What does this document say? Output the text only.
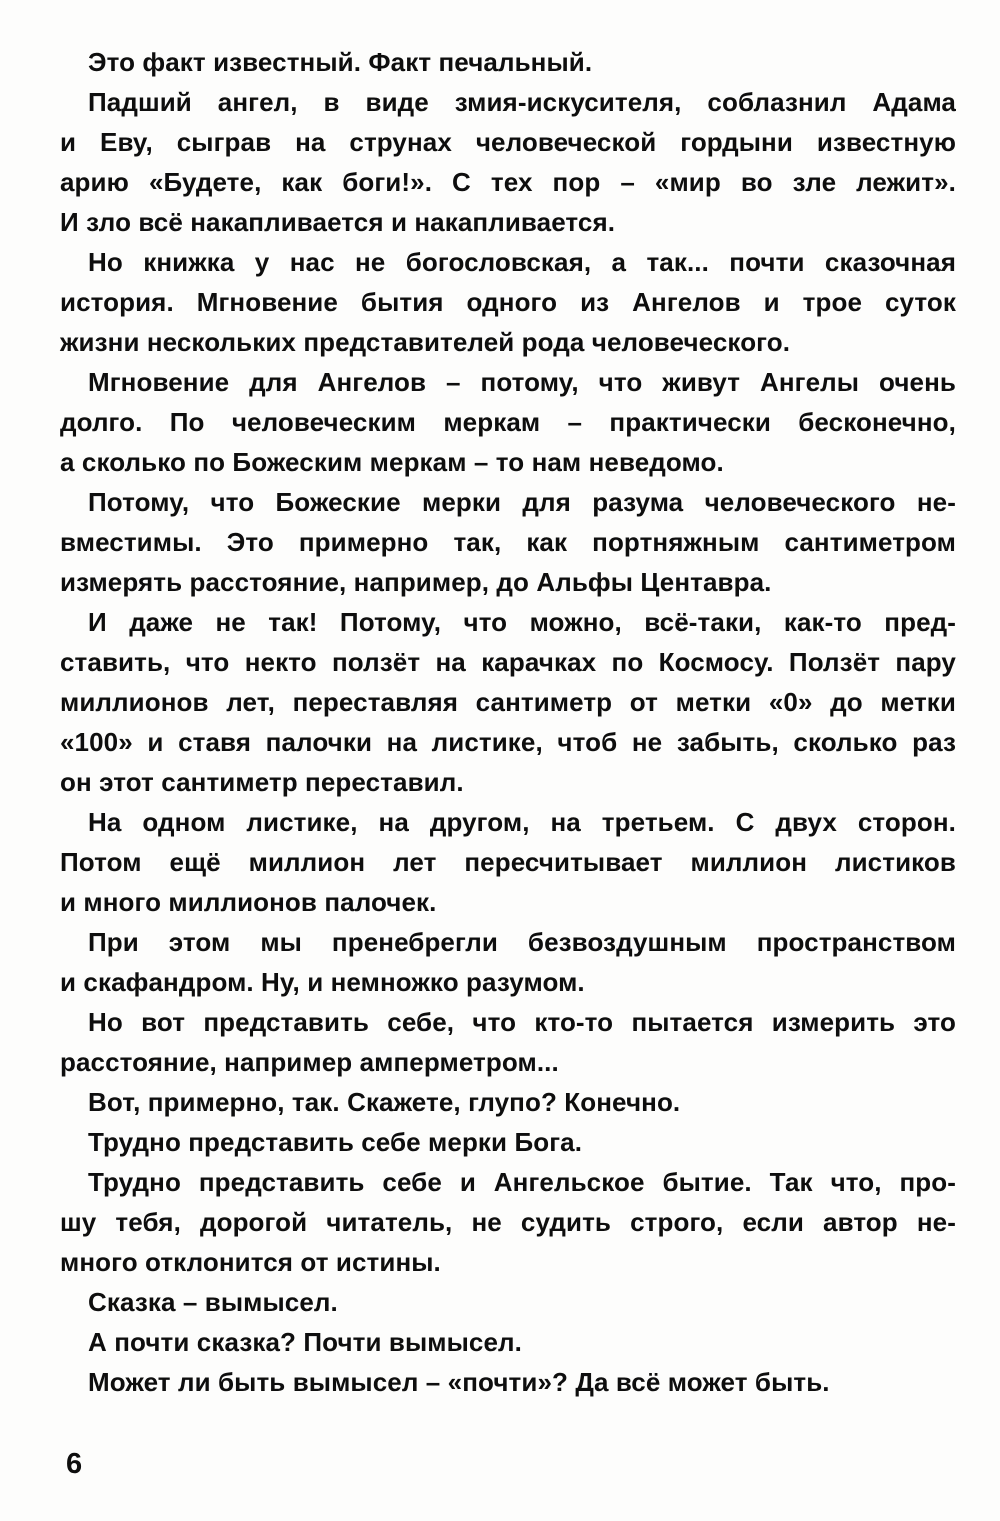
Это факт известный. Факт печальный.
Падший ангел, в виде змия-искусителя, соблазнил Адама
и Еву, сыграв на струнах человеческой гордыни известную
арию «Будете, как боги!». С тех пор – «мир во зле лежит».
И зло всё накапливается и накапливается.
Но книжка у нас не богословская, а так... почти сказочная
история. Мгновение бытия одного из Ангелов и трое суток
жизни нескольких представителей рода человеческого.
Мгновение для Ангелов – потому, что живут Ангелы очень
долго. По человеческим меркам – практически бесконечно,
а сколько по Божеским меркам – то нам неведомо.
Потому, что Божеские мерки для разума человеческого не-
вместимы. Это примерно так, как портняжным сантиметром
измерять расстояние, например, до Альфы Центавра.
И даже не так! Потому, что можно, всё-таки, как-то пред-
ставить, что некто ползёт на карачках по Космосу. Ползёт пару
миллионов лет, переставляя сантиметр от метки «0» до метки
«100» и ставя палочки на листике, чтоб не забыть, сколько раз
он этот сантиметр переставил.
На одном листике, на другом, на третьем. С двух сторон.
Потом ещё миллион лет пересчитывает миллион листиков
и много миллионов палочек.
При этом мы пренебрегли безвоздушным пространством
и скафандром. Ну, и немножко разумом.
Но вот представить себе, что кто-то пытается измерить это
расстояние, например амперметром...
Вот, примерно, так. Скажете, глупо? Конечно.
Трудно представить себе мерки Бога.
Трудно представить себе и Ангельское бытие. Так что, про-
шу тебя, дорогой читатель, не судить строго, если автор не-
много отклонится от истины.
Сказка – вымысел.
А почти сказка? Почти вымысел.
Может ли быть вымысел – «почти»? Да всё может быть.
6
